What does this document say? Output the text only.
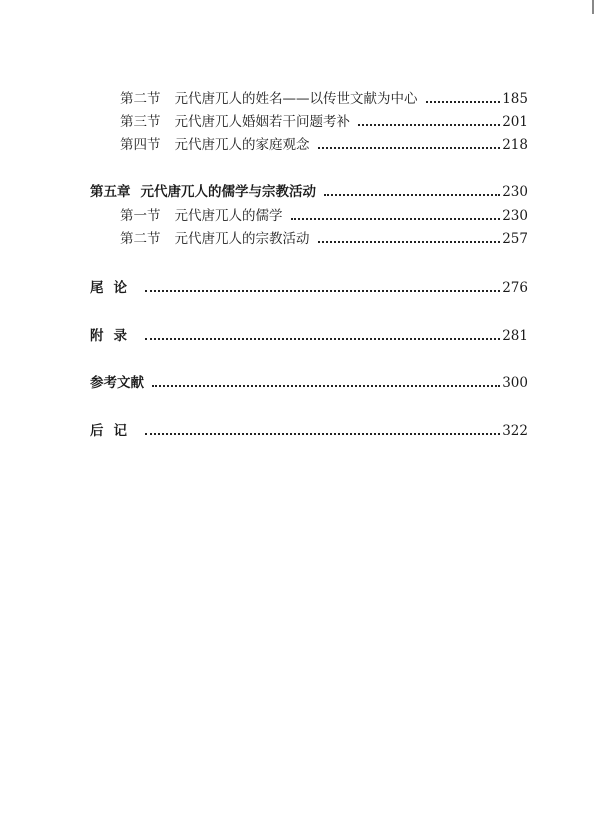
第二节 元代唐兀人的姓名——以传世文献为中心	185
第三节 元代唐兀人婚姻若干问题考补	201
第四节 元代唐兀人的家庭观念	218
第五章 元代唐兀人的儒学与宗教活动	230
第一节 元代唐兀人的儒学	230
第二节 元代唐兀人的宗教活动	257
尾论	276
附录	281
参考文献	300
后记	322
